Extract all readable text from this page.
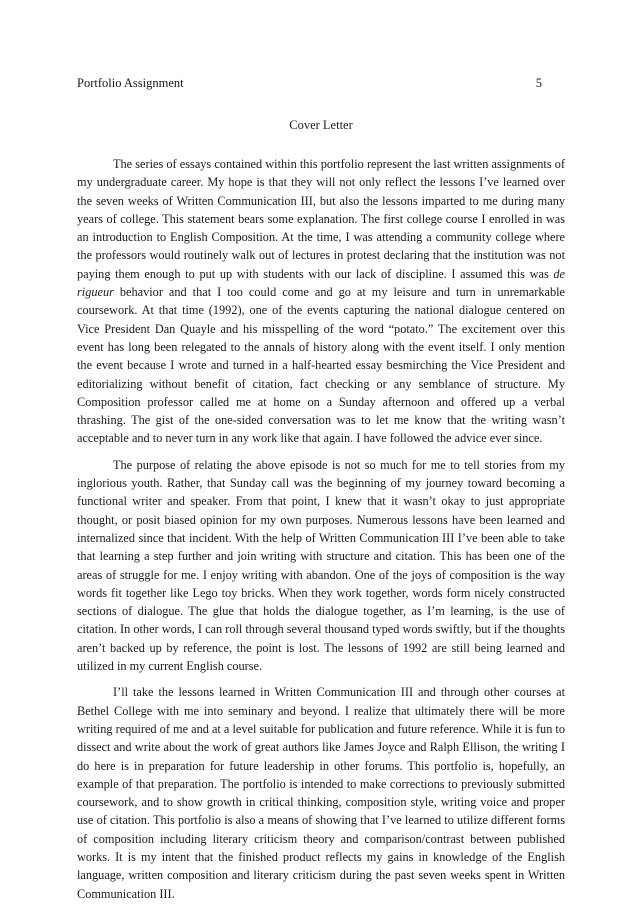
Portfolio Assignment	5
Cover Letter

The series of essays contained within this portfolio represent the last written assignments of my undergraduate career. My hope is that they will not only reflect the lessons I’ve learned over the seven weeks of Written Communication III, but also the lessons imparted to me during many years of college. This statement bears some explanation. The first college course I enrolled in was an introduction to English Composition. At the time, I was attending a community college where the professors would routinely walk out of lectures in protest declaring that the institution was not paying them enough to put up with students with our lack of discipline. I assumed this was de rigueur behavior and that I too could come and go at my leisure and turn in unremarkable coursework. At that time (1992), one of the events capturing the national dialogue centered on Vice President Dan Quayle and his misspelling of the word “potato.” The excitement over this event has long been relegated to the annals of history along with the event itself. I only mention the event because I wrote and turned in a half-hearted essay besmirching the Vice President and editorializing without benefit of citation, fact checking or any semblance of structure. My Composition professor called me at home on a Sunday afternoon and offered up a verbal thrashing. The gist of the one-sided conversation was to let me know that the writing wasn’t acceptable and to never turn in any work like that again. I have followed the advice ever since.

The purpose of relating the above episode is not so much for me to tell stories from my inglorious youth. Rather, that Sunday call was the beginning of my journey toward becoming a functional writer and speaker. From that point, I knew that it wasn’t okay to just appropriate thought, or posit biased opinion for my own purposes. Numerous lessons have been learned and internalized since that incident. With the help of Written Communication III I’ve been able to take that learning a step further and join writing with structure and citation. This has been one of the areas of struggle for me. I enjoy writing with abandon. One of the joys of composition is the way words fit together like Lego toy bricks. When they work together, words form nicely constructed sections of dialogue. The glue that holds the dialogue together, as I’m learning, is the use of citation. In other words, I can roll through several thousand typed words swiftly, but if the thoughts aren’t backed up by reference, the point is lost. The lessons of 1992 are still being learned and utilized in my current English course.

I’ll take the lessons learned in Written Communication III and through other courses at Bethel College with me into seminary and beyond. I realize that ultimately there will be more writing required of me and at a level suitable for publication and future reference. While it is fun to dissect and write about the work of great authors like James Joyce and Ralph Ellison, the writing I do here is in preparation for future leadership in other forums. This portfolio is, hopefully, an example of that preparation. The portfolio is intended to make corrections to previously submitted coursework, and to show growth in critical thinking, composition style, writing voice and proper use of citation. This portfolio is also a means of showing that I’ve learned to utilize different forms of composition including literary criticism theory and comparison/contrast between published works. It is my intent that the finished product reflects my gains in knowledge of the English language, written composition and literary criticism during the past seven weeks spent in Written Communication III.
